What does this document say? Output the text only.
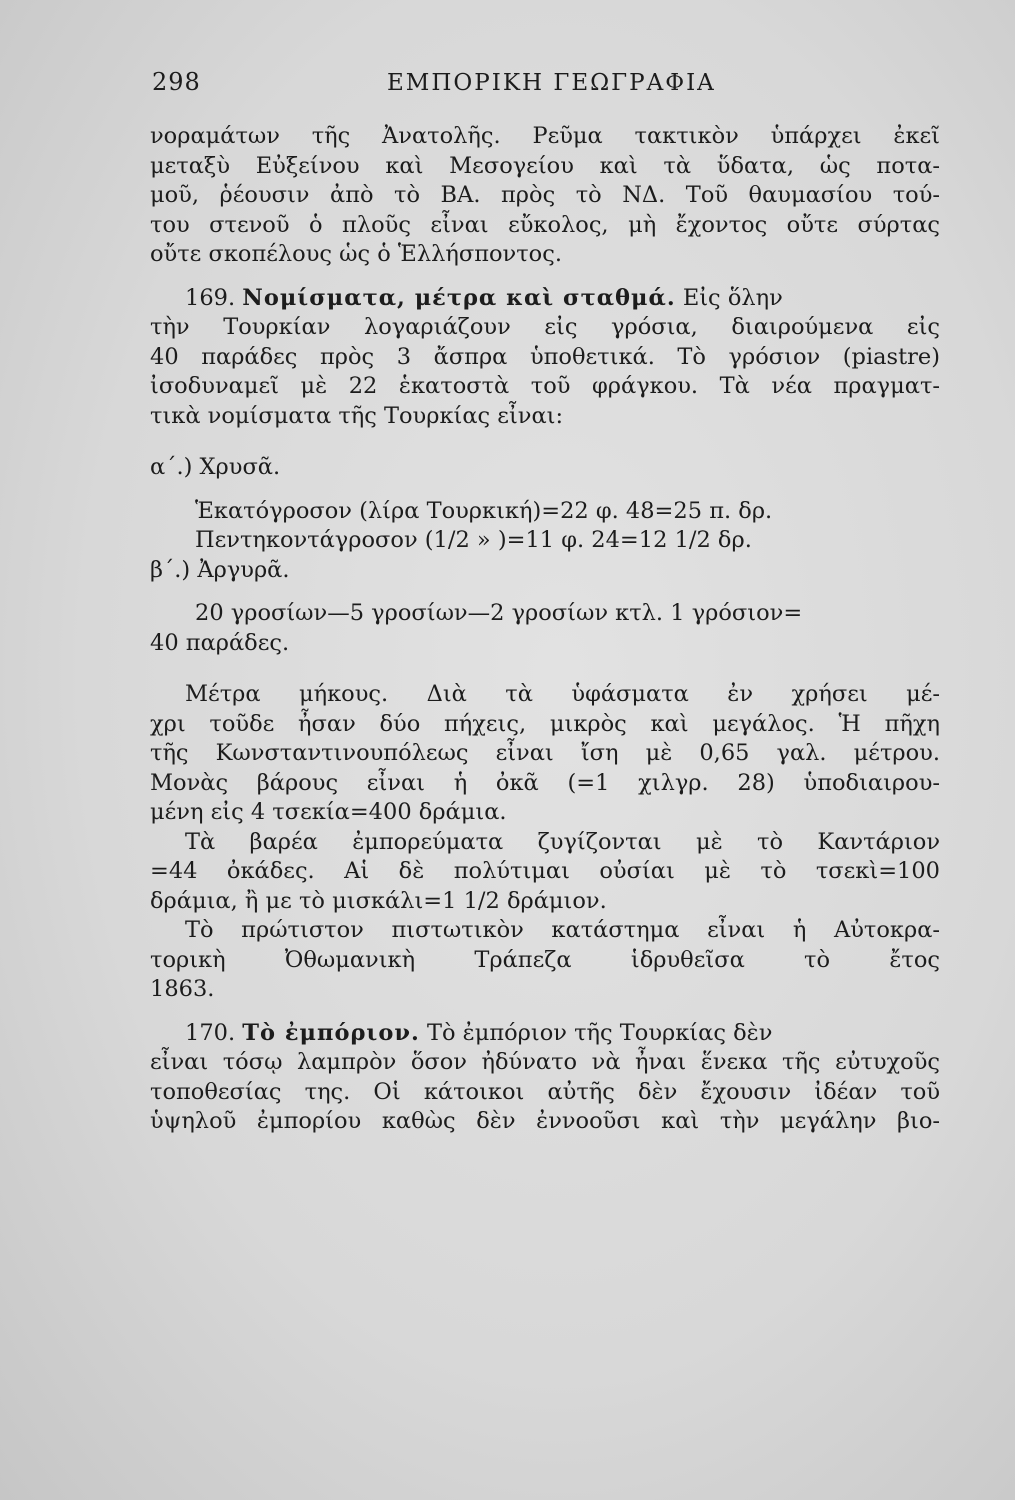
298	ΕΜΠΟΡΙΚΗ ΓΕΩΓΡΑΦΙΑ
νοραμάτων τῆς Ἀνατολῆς. Ρεῦμα τακτικὸν ὑπάρχει ἐκεῖ
μεταξὺ Εὐξείνου καὶ Μεσογείου καὶ τὰ ὕδατα, ὡς ποτα-
μοῦ, ῥέουσιν ἀπὸ τὸ ΒΑ. πρὸς τὸ ΝΔ. Τοῦ θαυμασίου τού-
του στενοῦ ὁ πλοῦς εἶναι εὔκολος, μὴ ἔχοντος οὔτε σύρτας
οὔτε σκοπέλους ὡς ὁ Ἑλλήσποντος.
169. Νομίσματα, μέτρα καὶ σταθμά. Εἰς ὅλην
τὴν Τουρκίαν λογαριάζουν εἰς γρόσια, διαιρούμενα εἰς
40 παράδες πρὸς 3 ἄσπρα ὑποθετικά. Τὸ γρόσιον (piastre)
ἰσοδυναμεῖ μὲ 22 ἑκατοστὰ τοῦ φράγκου. Τὰ νέα πραγματ-
τικὰ νομίσματα τῆς Τουρκίας εἶναι:
α΄.) Χρυσᾶ.
Ἑκατόγροσον (λίρα Τουρκική)=22 φ. 48=25 π. δρ.
Πεντηκοντάγροσον (1/2 » )=11 φ. 24=12 1/2 δρ.
β΄.) Ἀργυρᾶ.
20 γροσίων—5 γροσίων—2 γροσίων κτλ. 1 γρόσιον=
40 παράδες.
Μέτρα μήκους. Διὰ τὰ ὑφάσματα ἐν χρήσει μέ-
χρι τοῦδε ἦσαν δύο πήχεις, μικρὸς καὶ μεγάλος. Ἡ πῆχη
τῆς Κωνσταντινουπόλεως εἶναι ἴση μὲ 0,65 γαλ. μέτρου.
Μονὰς βάρους εἶναι ἡ ὀκᾶ (=1 χιλγρ. 28) ὑποδιαιρου-
μένη εἰς 4 τσεκία=400 δράμια.
Τὰ βαρέα ἐμπορεύματα ζυγίζονται μὲ τὸ Καντάριον
=44 ὀκάδες. Αἱ δὲ πολύτιμαι οὐσίαι μὲ τὸ τσεκὶ=100
δράμια, ἢ με τὸ μισκάλι=1 1/2 δράμιον.
Τὸ πρώτιστον πιστωτικὸν κατάστημα εἶναι ἡ Αὐτοκρα-
τορικὴ Ὀθωμανικὴ Τράπεζα ἱδρυθεῖσα τὸ ἔτος
1863.
170. Τὸ ἐμπόριον. Τὸ ἐμπόριον τῆς Τουρκίας δὲν
εἶναι τόσῳ λαμπρὸν ὅσον ἠδύνατο νὰ ἦναι ἕνεκα τῆς εὐτυχοῦς
τοποθεσίας της. Οἱ κάτοικοι αὐτῆς δὲν ἔχουσιν ἰδέαν τοῦ
ὑψηλοῦ ἐμπορίου καθὼς δὲν ἐννοοῦσι καὶ τὴν μεγάλην βιο-
